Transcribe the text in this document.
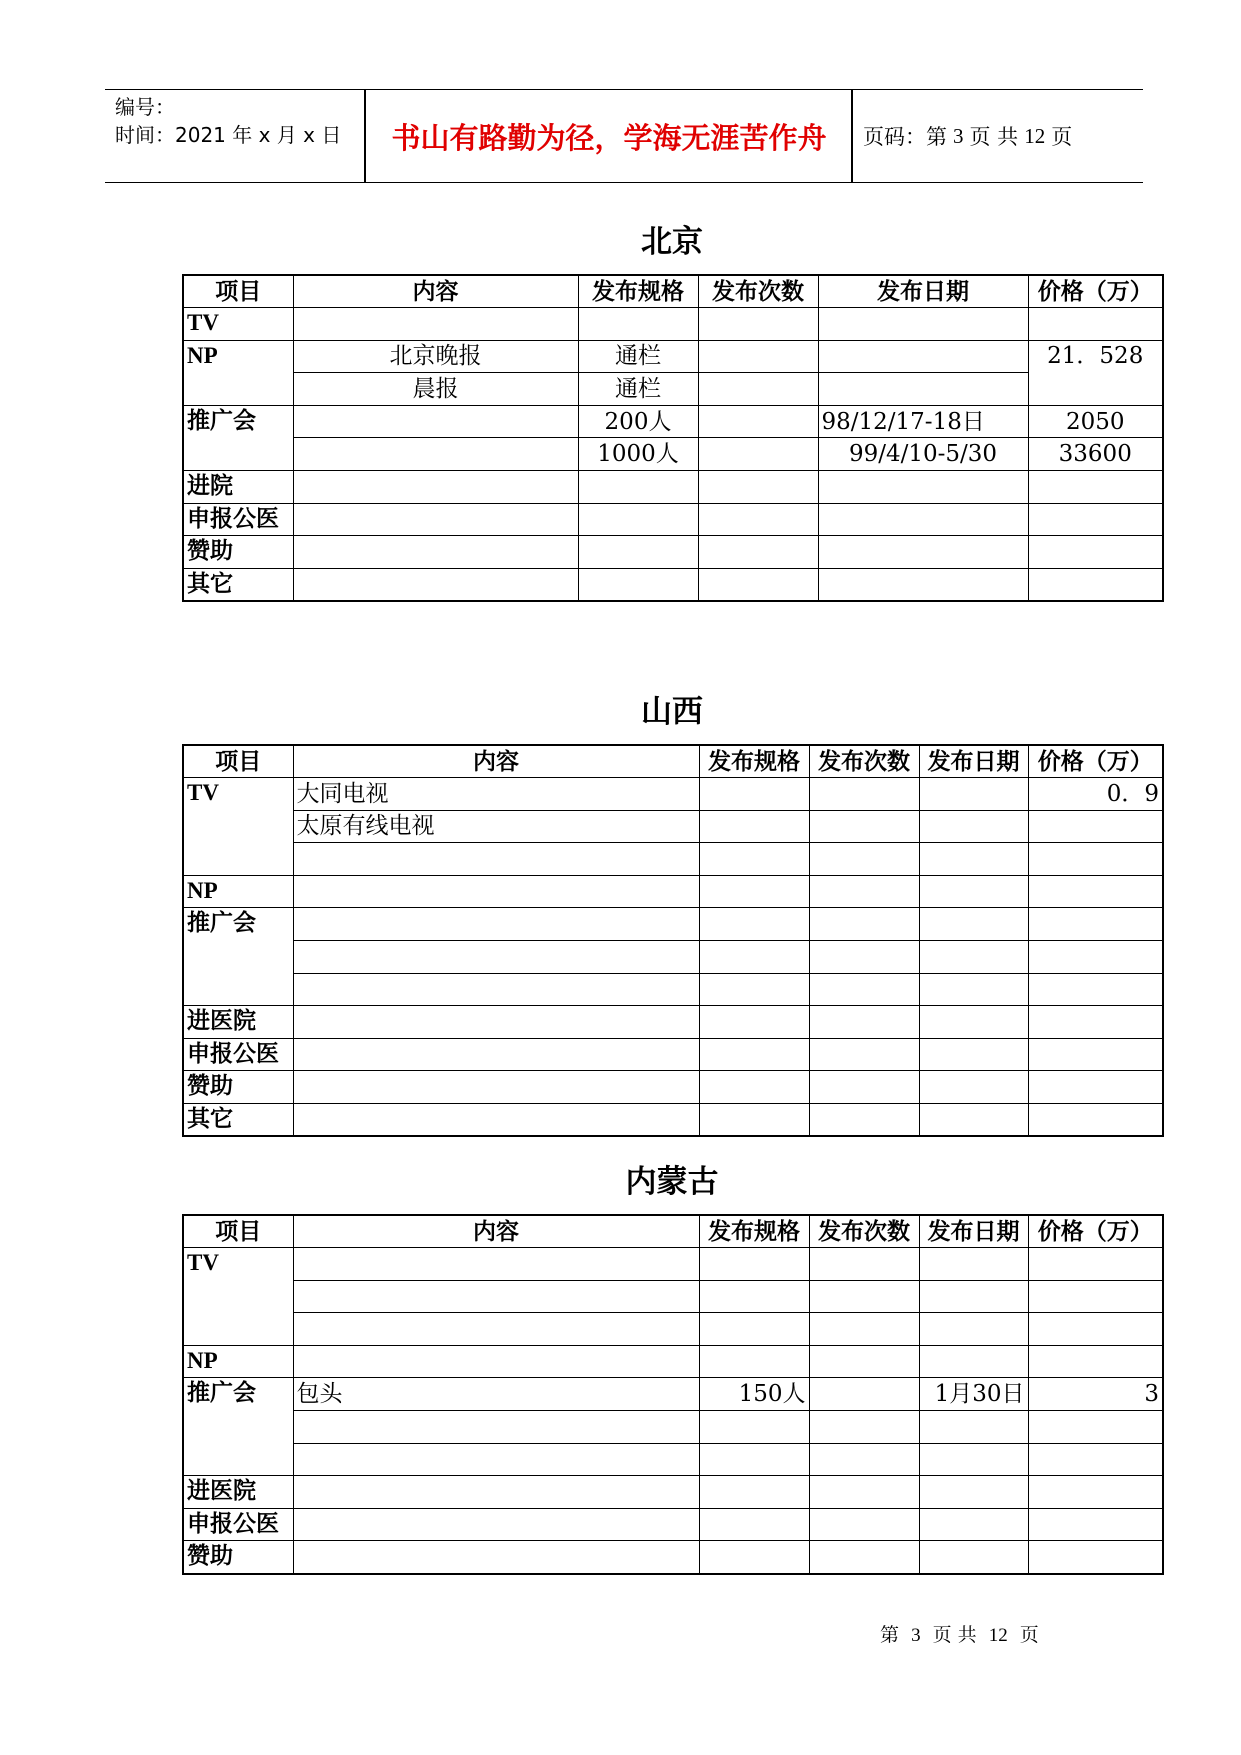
编号：
时间：2021 年 x 月 x 日	书山有路勤为径，学海无涯苦作舟	页码：第 3 页 共 12 页
北京
项目	内容	发布规格	发布次数	发布日期	价格（万）
TV					
NP	北京晚报	通栏			21．528
	晨报	通栏			
推广会		200人		98/12/17-18日	2050
		1000人		99/4/10-5/30	33600
进院					
申报公医					
赞助					
其它					
山西
项目	内容	发布规格	发布次数	发布日期	价格（万）
TV	大同电视				0．9
	太原有线电视				

NP					
推广会					

进医院					
申报公医					
赞助					
其它					
内蒙古
项目	内容	发布规格	发布次数	发布日期	价格（万）
TV					

NP					
推广会	包头	150人		1月30日	3

进医院					
申报公医					
赞助					
第 3 页 共 12 页
